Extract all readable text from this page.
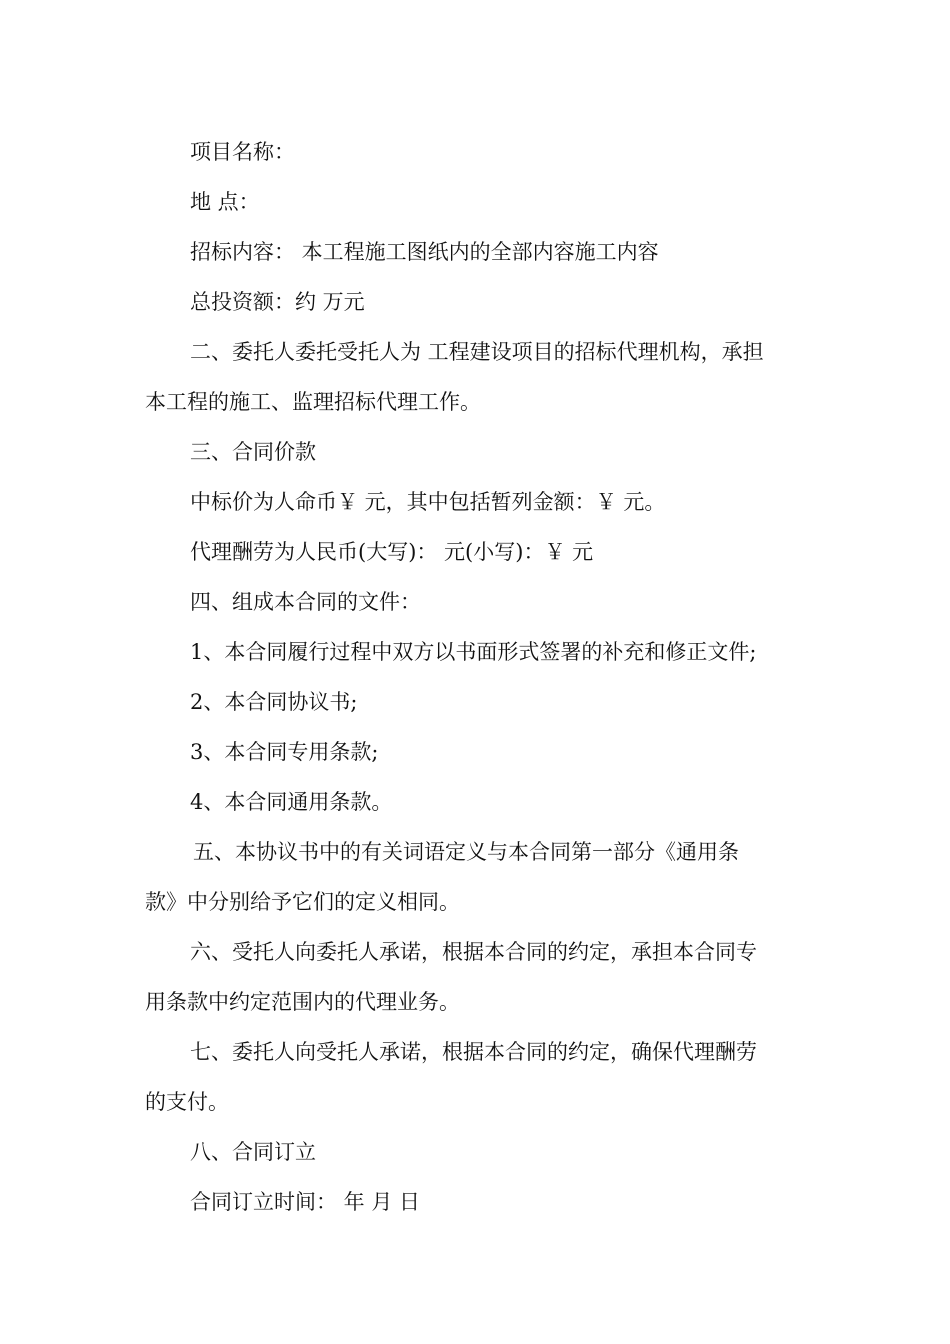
项目名称：
地 点：
招标内容： 本工程施工图纸内的全部内容施工内容
总投资额：约 万元
二、委托人委托受托人为 工程建设项目的招标代理机构，承担
本工程的施工、监理招标代理工作。
三、合同价款
中标价为人命币￥ 元，其中包括暂列金额：￥ 元。
代理酬劳为人民币(大写)： 元(小写)：￥ 元
四、组成本合同的文件：
1、本合同履行过程中双方以书面形式签署的补充和修正文件;
2、本合同协议书;
3、本合同专用条款;
4、本合同通用条款。
五、本协议书中的有关词语定义与本合同第一部分《通用条
款》中分别给予它们的定义相同。
六、受托人向委托人承诺，根据本合同的约定，承担本合同专
用条款中约定范围内的代理业务。
七、委托人向受托人承诺，根据本合同的约定，确保代理酬劳
的支付。
八、合同订立
合同订立时间： 年 月 日
